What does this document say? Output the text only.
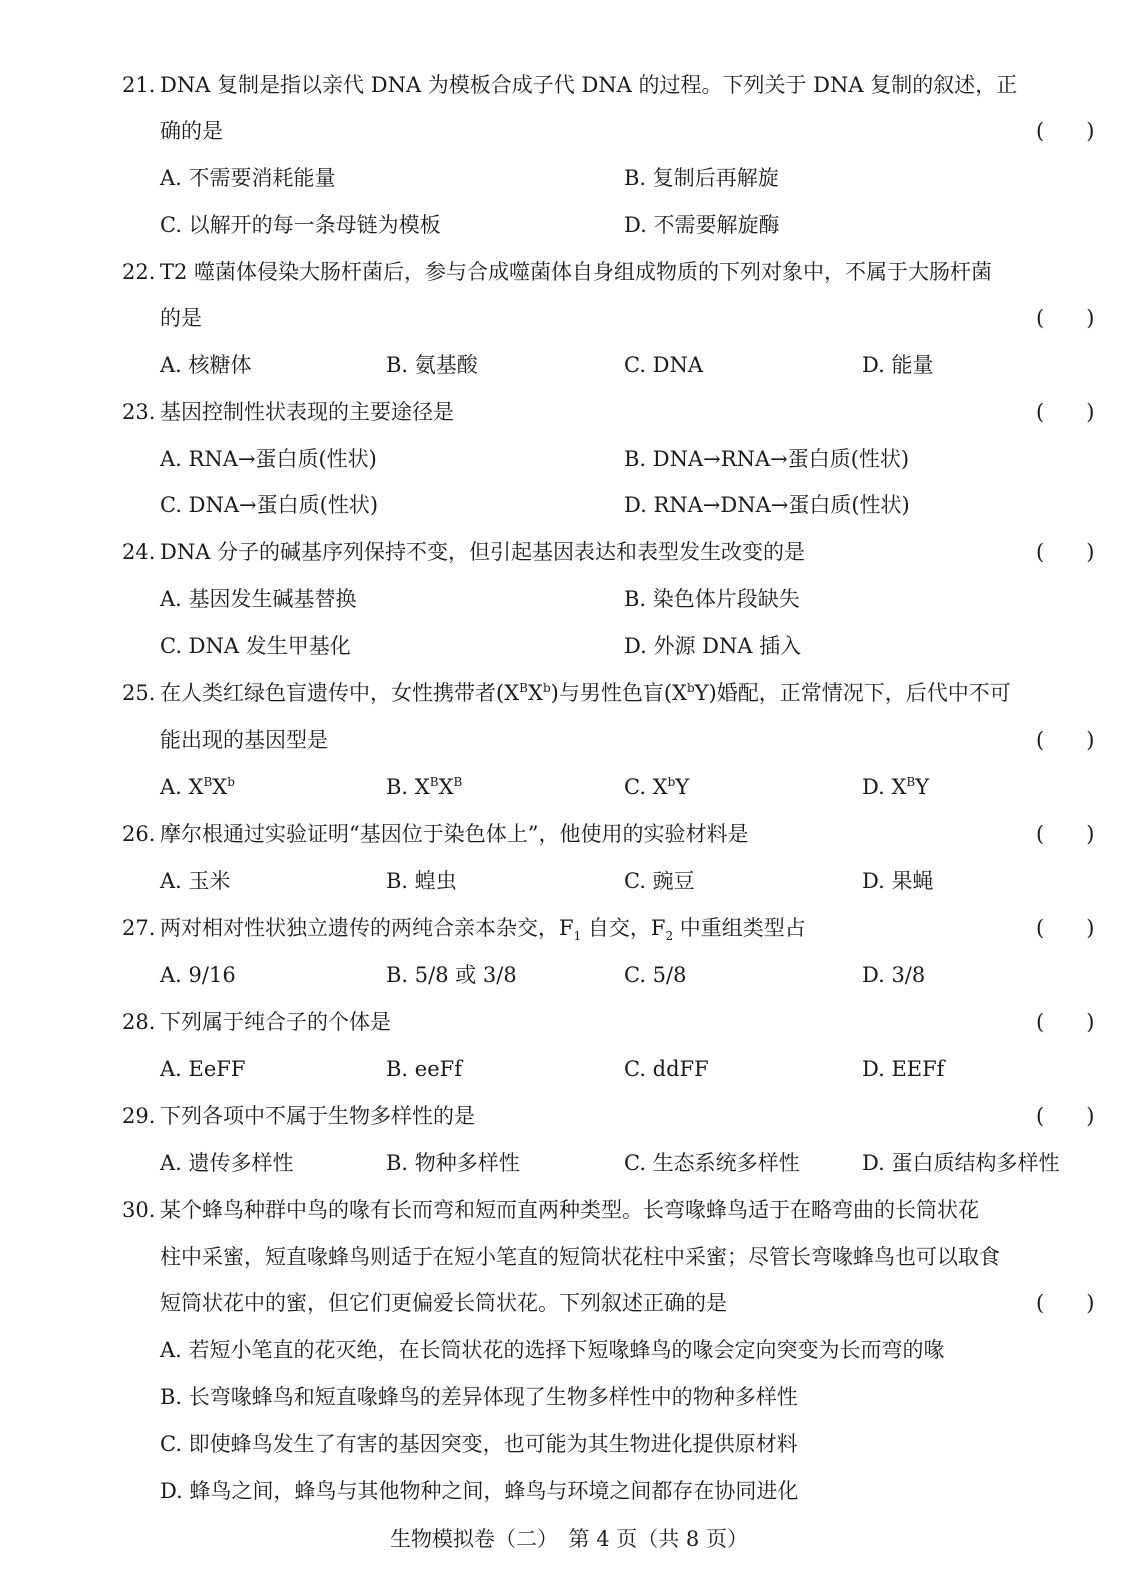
21. DNA 复制是指以亲代 DNA 为模板合成子代 DNA 的过程。下列关于 DNA 复制的叙述，正
确的是	(　　)
A. 不需要消耗能量	B. 复制后再解旋
C. 以解开的每一条母链为模板	D. 不需要解旋酶
22. T2 噬菌体侵染大肠杆菌后，参与合成噬菌体自身组成物质的下列对象中，不属于大肠杆菌
的是	(　　)
A. 核糖体	B. 氨基酸	C. DNA	D. 能量
23. 基因控制性状表现的主要途径是	(　　)
A. RNA→蛋白质(性状)	B. DNA→RNA→蛋白质(性状)
C. DNA→蛋白质(性状)	D. RNA→DNA→蛋白质(性状)
24. DNA 分子的碱基序列保持不变，但引起基因表达和表型发生改变的是	(　　)
A. 基因发生碱基替换	B. 染色体片段缺失
C. DNA 发生甲基化	D. 外源 DNA 插入
25. 在人类红绿色盲遗传中，女性携带者$(X^BX^b)$与男性色盲$(X^bY)$婚配，正常情况下，后代中不可
能出现的基因型是	(　　)
A. $X^BX^b$	B. $X^BX^B$	C. $X^bY$	D. $X^BY$
26. 摩尔根通过实验证明“基因位于染色体上”，他使用的实验材料是	(　　)
A. 玉米	B. 蝗虫	C. 豌豆	D. 果蝇
27. 两对相对性状独立遗传的两纯合亲本杂交，$F_1$ 自交，$F_2$ 中重组类型占	(　　)
A. 9/16	B. 5/8 或 3/8	C. 5/8	D. 3/8
28. 下列属于纯合子的个体是	(　　)
A. EeFF	B. eeFf	C. ddFF	D. EEFf
29. 下列各项中不属于生物多样性的是	(　　)
A. 遗传多样性	B. 物种多样性	C. 生态系统多样性	D. 蛋白质结构多样性
30. 某个蜂鸟种群中鸟的喙有长而弯和短而直两种类型。长弯喙蜂鸟适于在略弯曲的长筒状花
柱中采蜜，短直喙蜂鸟则适于在短小笔直的短筒状花柱中采蜜；尽管长弯喙蜂鸟也可以取食
短筒状花中的蜜，但它们更偏爱长筒状花。下列叙述正确的是	(　　)
A. 若短小笔直的花灭绝，在长筒状花的选择下短喙蜂鸟的喙会定向突变为长而弯的喙
B. 长弯喙蜂鸟和短直喙蜂鸟的差异体现了生物多样性中的物种多样性
C. 即使蜂鸟发生了有害的基因突变，也可能为其生物进化提供原材料
D. 蜂鸟之间，蜂鸟与其他物种之间，蜂鸟与环境之间都存在协同进化
生物模拟卷（二）　第 4 页（共 8 页）
